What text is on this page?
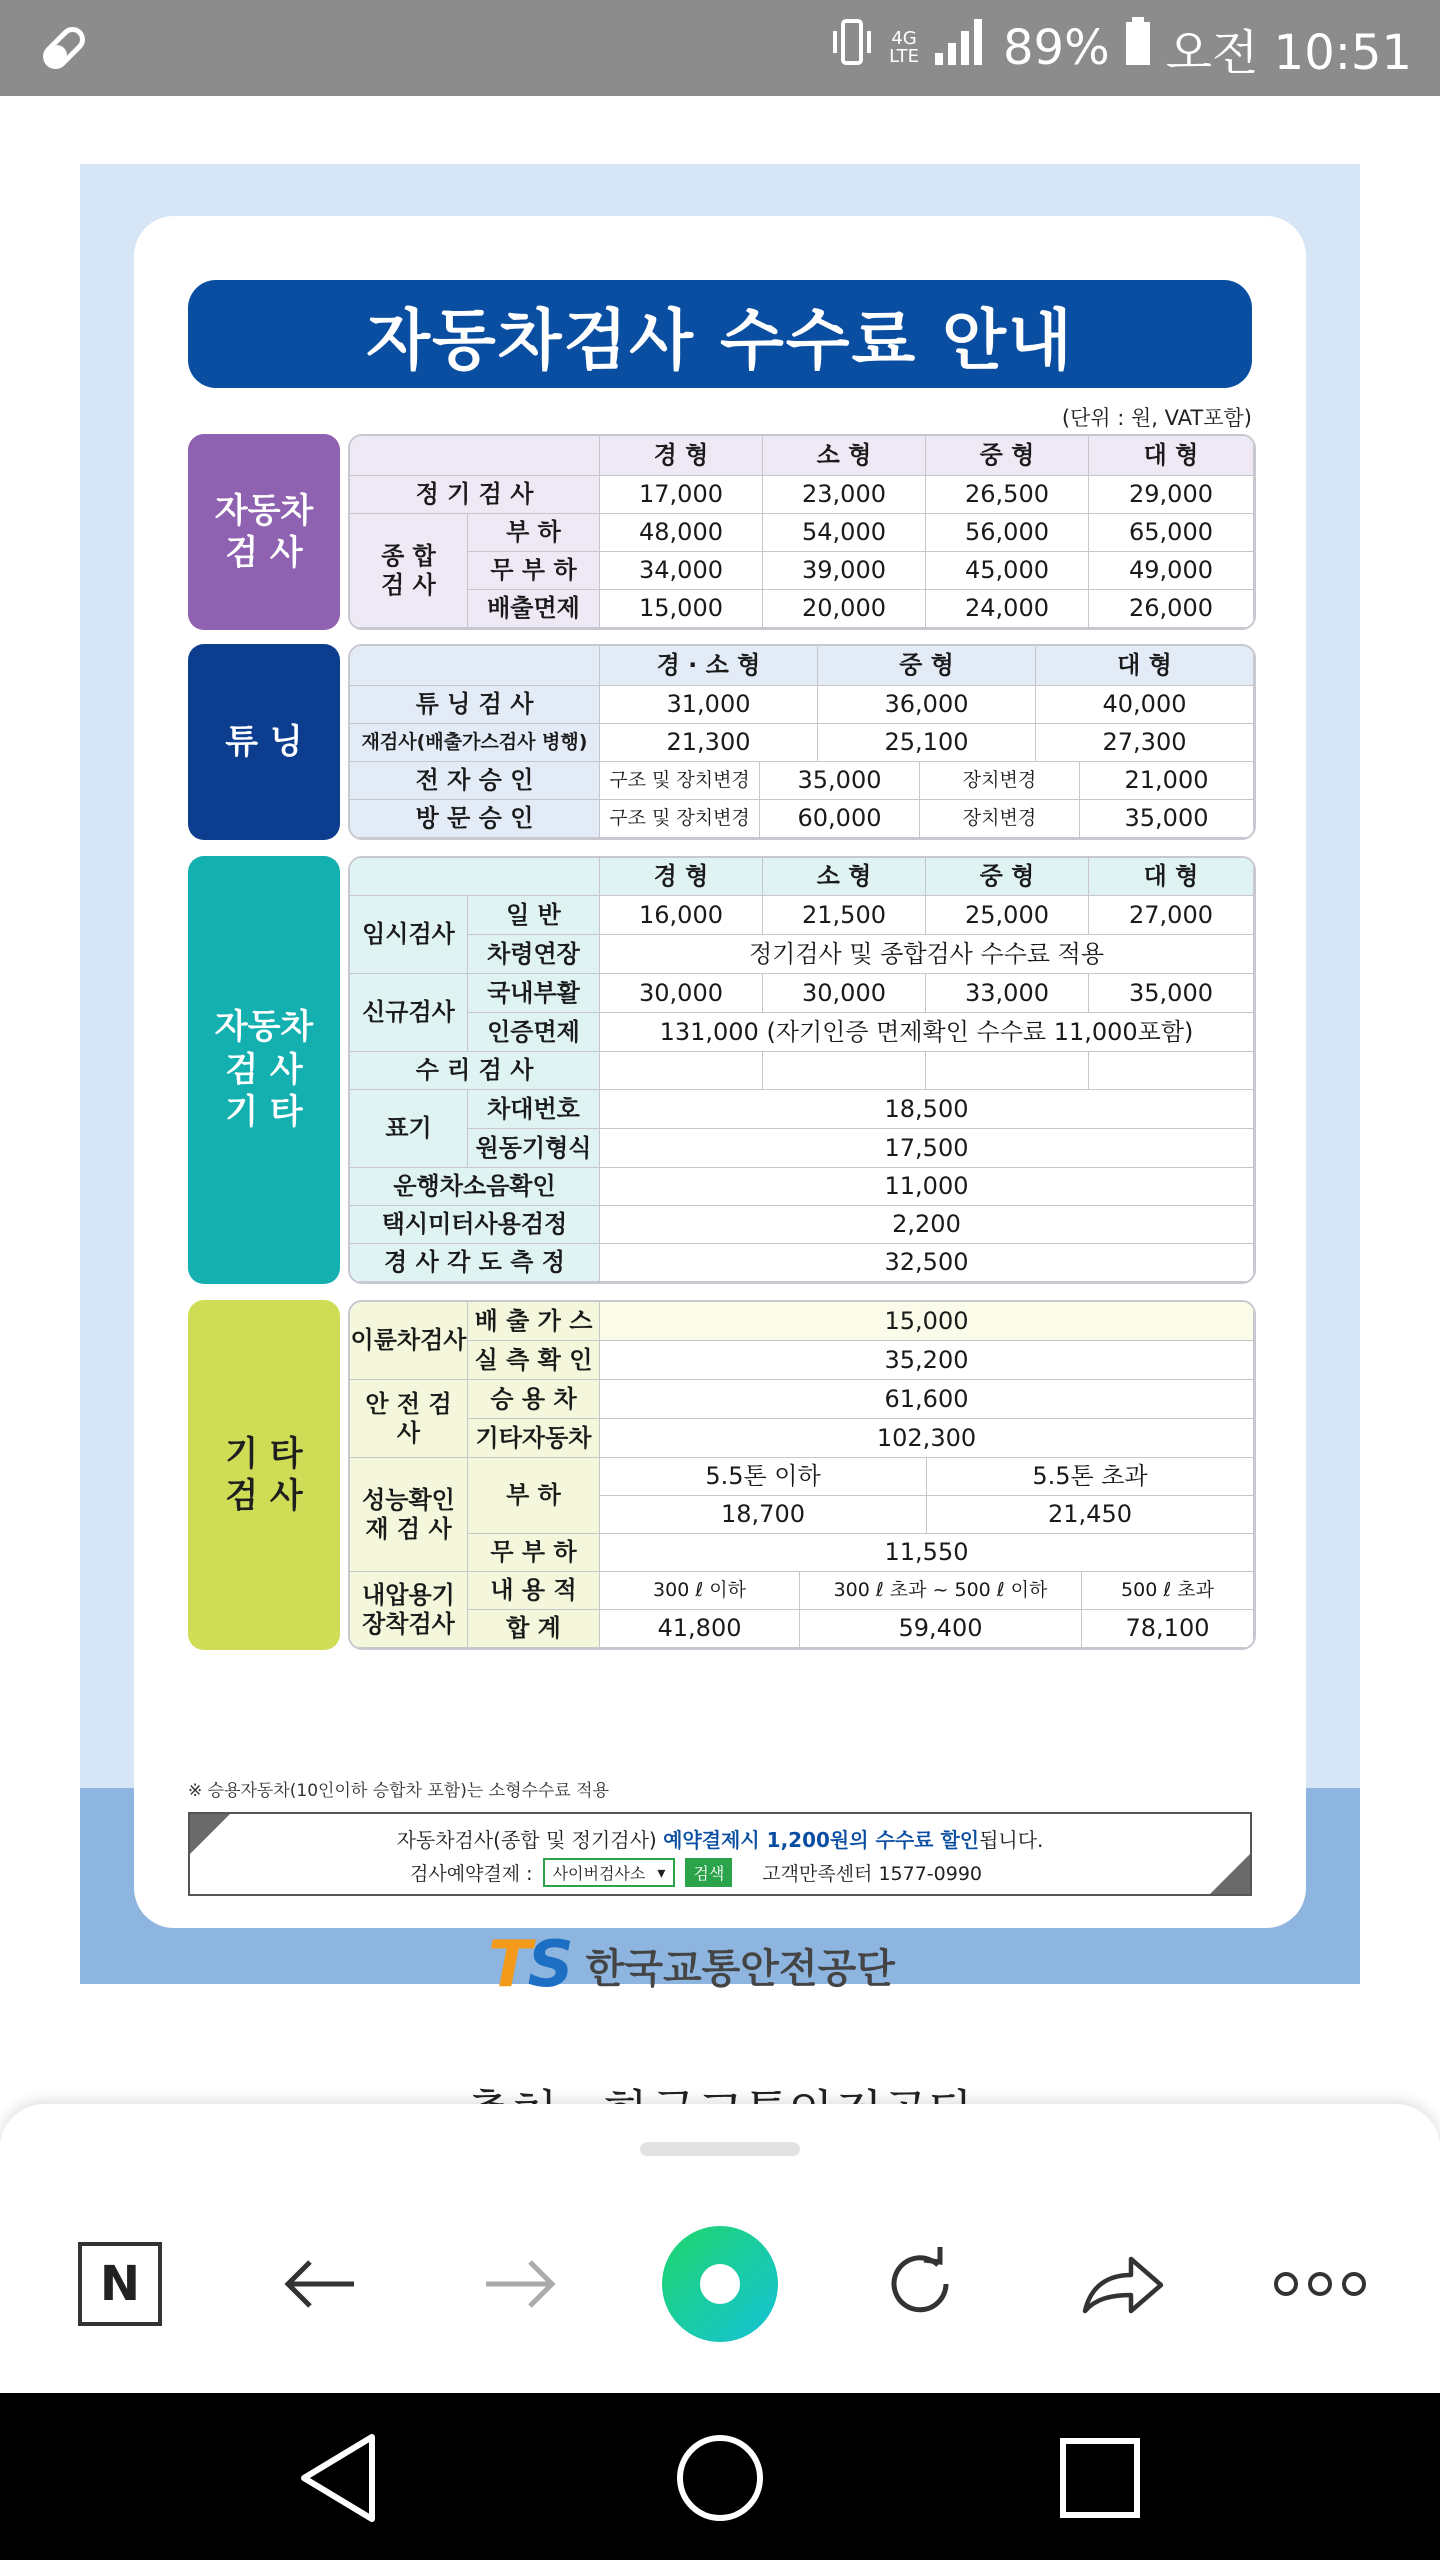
4G
LTE 89% 오전 10:51
자동차검사 수수료 안내
(단위 : 원, VAT포함)
자동차
검 사
경 형	소 형	중 형	대 형
정 기 검 사	17,000	23,000	26,500	29,000
종 합
검 사
부 하	48,000	54,000	56,000	65,000
무 부 하	34,000	39,000	45,000	49,000
배출면제	15,000	20,000	24,000	26,000
튜 닝
경 · 소 형	중 형	대 형
튜 닝 검 사	31,000	36,000	40,000
재검사(배출가스검사 병행)	21,300	25,100	27,300
전 자 승 인	구조 및 장치변경	35,000	장치변경	21,000
방 문 승 인	구조 및 장치변경	60,000	장치변경	35,000
자동차
검 사
기 타
경 형	소 형	중 형	대 형
임시검사
일 반	16,000	21,500	25,000	27,000
차령연장	정기검사 및 종합검사 수수료 적용
신규검사
국내부활	30,000	30,000	33,000	35,000
인증면제	131,000 (자기인증 면제확인 수수료 11,000포함)
수 리 검 사
표기
차대번호	18,500
원동기형식	17,500
운행차소음확인	11,000
택시미터사용검정	2,200
경 사 각 도 측 정	32,500
기 타
검 사
이륜차검사
배 출 가 스	15,000
실 측 확 인	35,200
안 전 검 사
승 용 차	61,600
기타자동차	102,300
성능확인
재 검 사
부 하
5.5톤 이하	5.5톤 초과
18,700	21,450
무 부 하	11,550
내압용기
장착검사
내 용 적	300 ℓ 이하	300 ℓ 초과 ~ 500 ℓ 이하	500 ℓ 초과
합 계	41,800	59,400	78,100
※ 승용자동차(10인이하 승합차 포함)는 소형수수료 적용
자동차검사(종합 및 정기검사) 예약결제시 1,200원의 수수료 할인됩니다.
검사예약결제 : 사이버검사소 ▾	검색	고객만족센터 1577-0990
TS 한국교통안전공단
N
